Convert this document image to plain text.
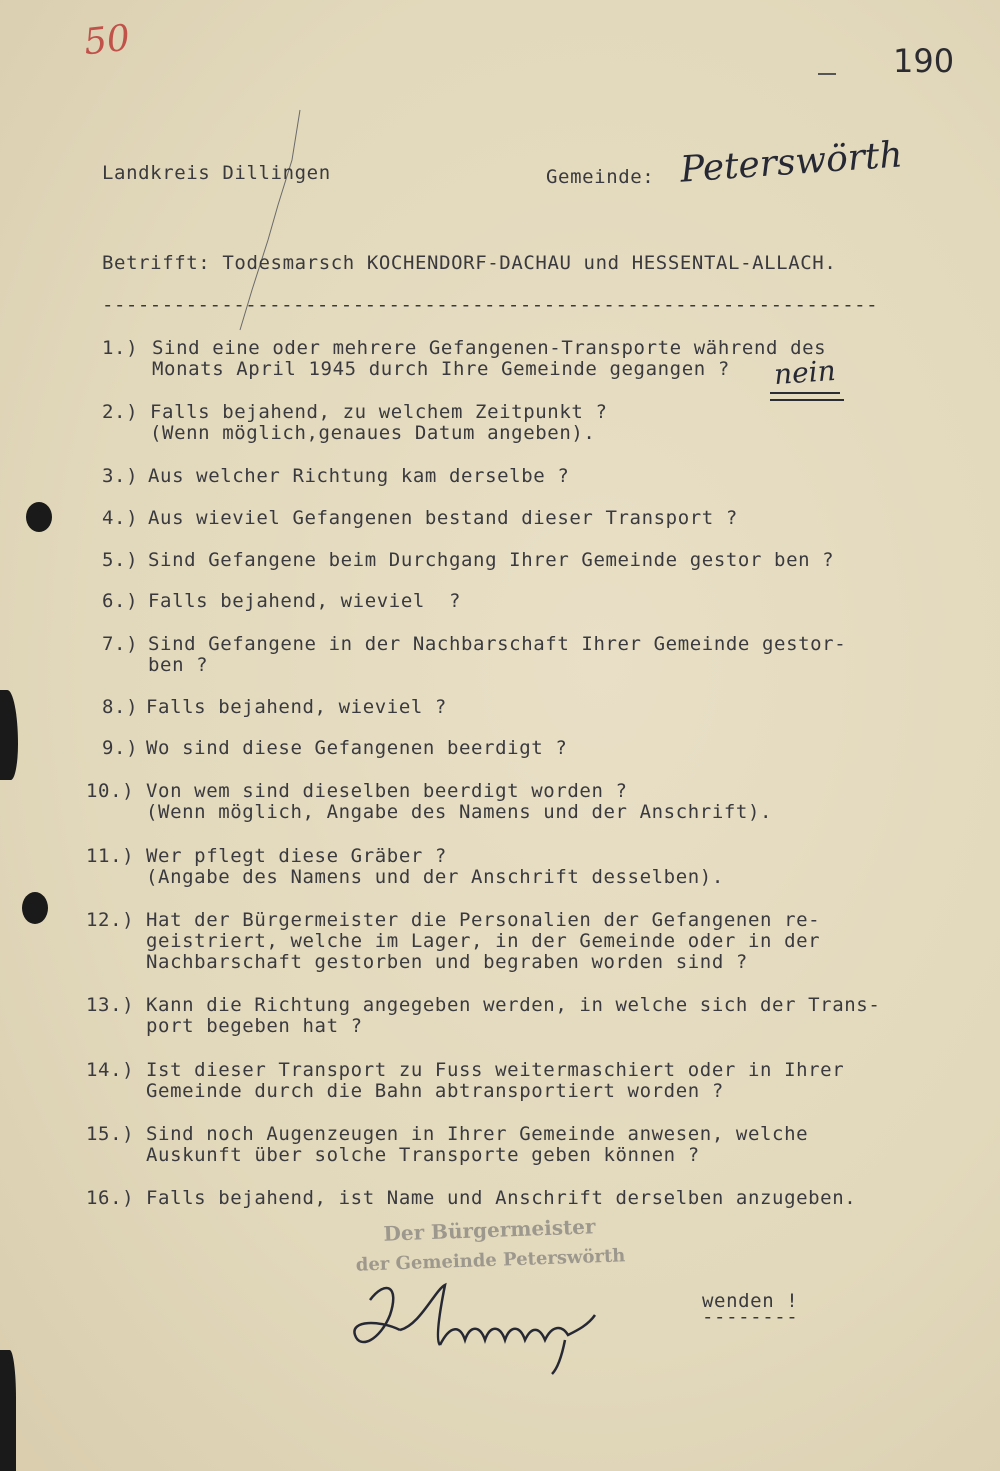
50	190
Landkreis Dillingen	Gemeinde: Peterswörth
Betrifft: Todesmarsch KOCHENDORF-DACHAU und HESSENTAL-ALLACH.
-----------------------------------------------------------------
1.) Sind eine oder mehrere Gefangenen-Transporte während des
Monats April 1945 durch Ihre Gemeinde gegangen ?	nein
2.) Falls bejahend, zu welchem Zeitpunkt ?
(Wenn möglich,genaues Datum angeben).
3.) Aus welcher Richtung kam derselbe ?
4.) Aus wieviel Gefangenen bestand dieser Transport ?
5.) Sind Gefangene beim Durchgang Ihrer Gemeinde gestor ben ?
6.) Falls bejahend, wieviel  ?
7.) Sind Gefangene in der Nachbarschaft Ihrer Gemeinde gestor-
ben ?
8.) Falls bejahend, wieviel ?
9.) Wo sind diese Gefangenen beerdigt ?
10.) Von wem sind dieselben beerdigt worden ?
(Wenn möglich, Angabe des Namens und der Anschrift).
11.) Wer pflegt diese Gräber ?
(Angabe des Namens und der Anschrift desselben).
12.) Hat der Bürgermeister die Personalien der Gefangenen re-
geistriert, welche im Lager, in der Gemeinde oder in der
Nachbarschaft gestorben und begraben worden sind ?
13.) Kann die Richtung angegeben werden, in welche sich der Trans-
port begeben hat ?
14.) Ist dieser Transport zu Fuss weitermaschiert oder in Ihrer
Gemeinde durch die Bahn abtransportiert worden ?
15.) Sind noch Augenzeugen in Ihrer Gemeinde anwesen, welche
Auskunft über solche Transporte geben können ?
16.) Falls bejahend, ist Name und Anschrift derselben anzugeben.
Der Bürgermeister
der Gemeinde Peterswörth
wenden !
--------
